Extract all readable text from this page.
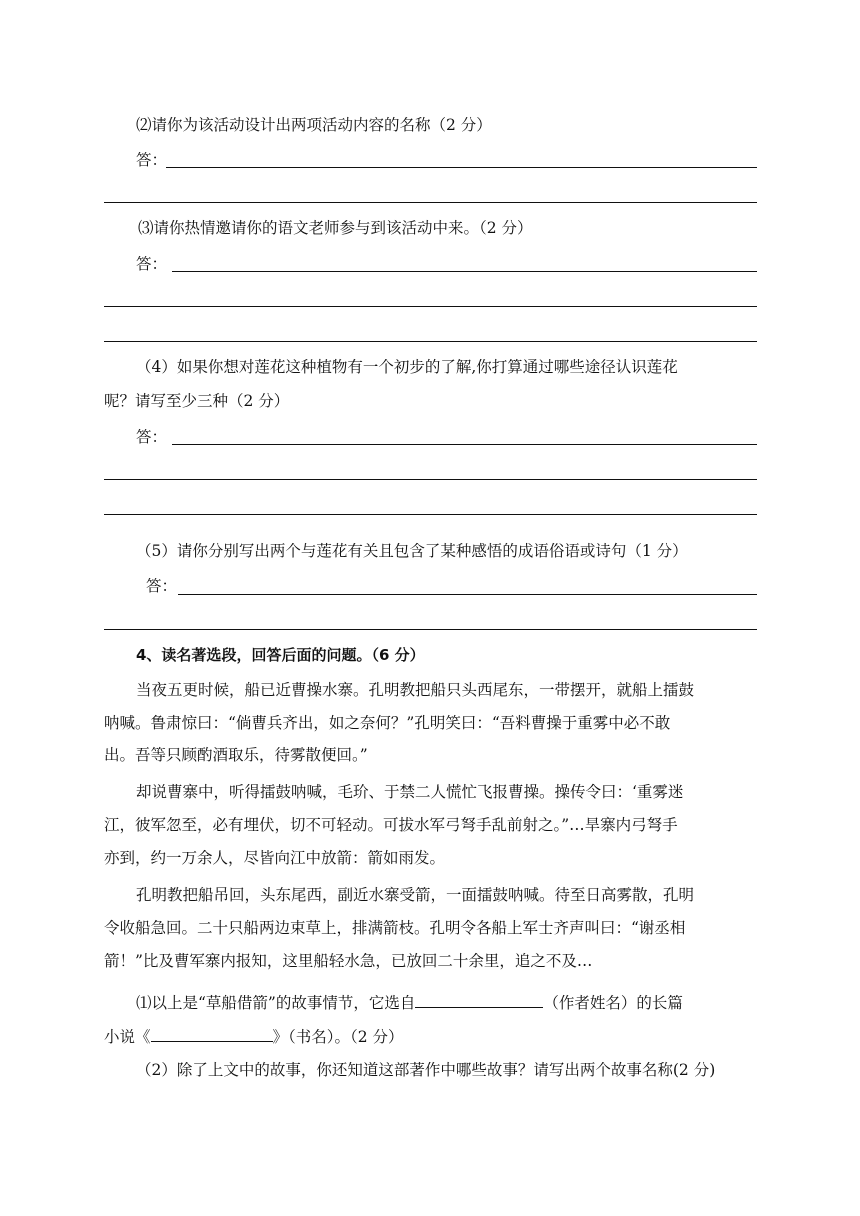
⑵请你为该活动设计出两项活动内容的名称（2 分）
答：
⑶请你热情邀请你的语文老师参与到该活动中来。（2 分）
答：
（4）如果你想对莲花这种植物有一个初步的了解,你打算通过哪些途径认识莲花
呢？请写至少三种（2 分）
答：
（5）请你分别写出两个与莲花有关且包含了某种感悟的成语俗语或诗句（1 分）
答：
4、读名著选段，回答后面的问题。（6 分）
当夜五更时候，船已近曹操水寨。孔明教把船只头西尾东，一带摆开，就船上擂鼓
呐喊。鲁肃惊曰：“倘曹兵齐出，如之奈何？”孔明笑曰：“吾料曹操于重雾中必不敢
出。吾等只顾酌酒取乐，待雾散便回。”
却说曹寨中，听得擂鼓呐喊，毛玠、于禁二人慌忙飞报曹操。操传令曰：‘重雾迷
江，彼军忽至，必有埋伏，切不可轻动。可拔水军弓弩手乱前射之。”…旱寨内弓弩手
亦到，约一万余人，尽皆向江中放箭：箭如雨发。
孔明教把船吊回，头东尾西，副近水寨受箭，一面擂鼓呐喊。待至日高雾散，孔明
令收船急回。二十只船两边束草上，排满箭枝。孔明令各船上军士齐声叫曰：“谢丞相
箭！”比及曹军寨内报知，这里船轻水急，已放回二十余里，追之不及…
⑴以上是“草船借箭”的故事情节，它选自	（作者姓名）的长篇
小说《	》（书名）。（2 分）
（2）除了上文中的故事，你还知道这部著作中哪些故事？请写出两个故事名称(2 分)
